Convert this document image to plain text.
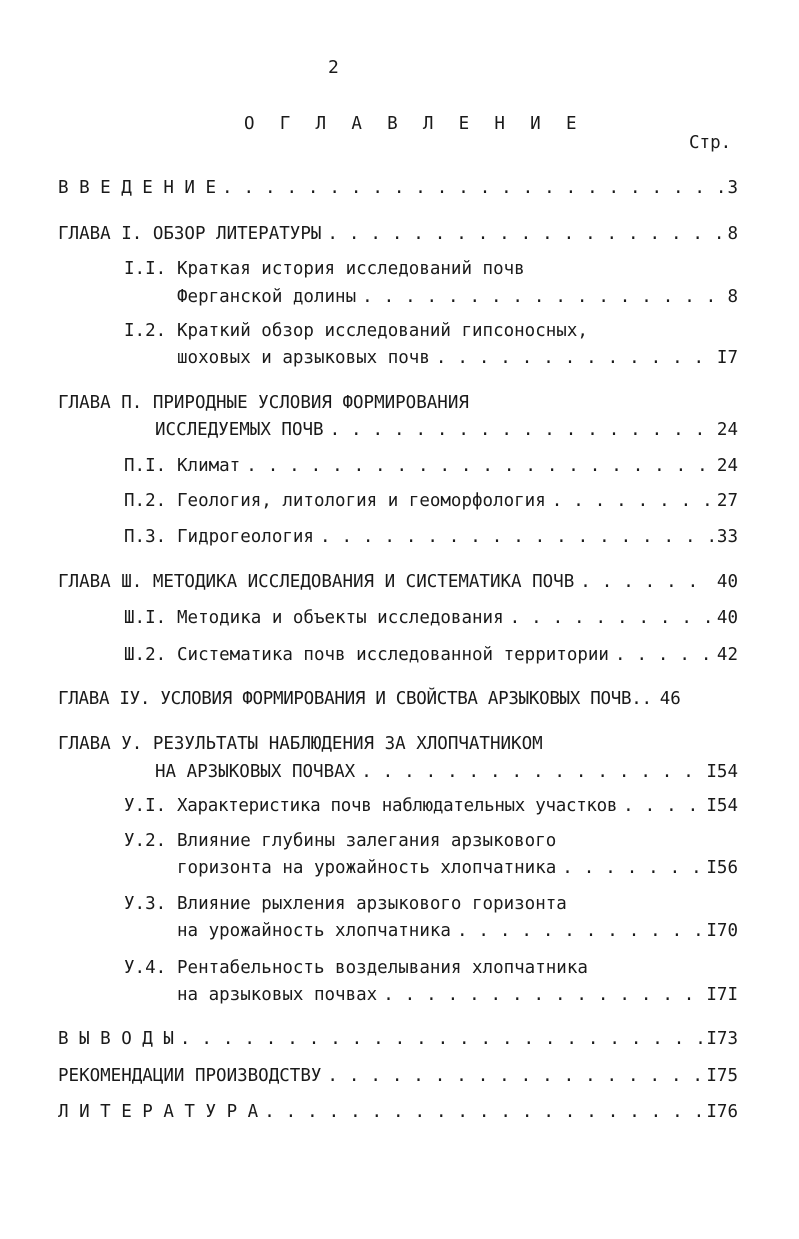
2
О Г Л А В Л Е Н И Е
Стр.
В В Е Д Е Н И Е . . .	3
ГЛАВА I. ОБЗОР ЛИТЕРАТУРЫ . . .	8
I.I. Краткая история исследований почв
Ферганской долины . . .	8
I.2. Краткий обзор исследований гипсоносных,
шоховых и арзыковых почв . . .	I7
ГЛАВА П. ПРИРОДНЫЕ УСЛОВИЯ ФОРМИРОВАНИЯ
ИССЛЕДУЕМЫХ ПОЧВ . . .	24
П.I. Климат . . .	24
П.2. Геология, литология и геоморфология . . .	27
П.3. Гидрогеология . . .	33
ГЛАВА Ш. МЕТОДИКА ИССЛЕДОВАНИЯ И СИСТЕМАТИКА ПОЧВ . . .	40
Ш.I. Методика и объекты исследования . . .	40
Ш.2. Систематика почв исследованной территории . . .	42
ГЛАВА IУ. УСЛОВИЯ ФОРМИРОВАНИЯ И СВОЙСТВА АРЗЫКОВЫХ ПОЧВ.. 46
ГЛАВА У. РЕЗУЛЬТАТЫ НАБЛЮДЕНИЯ ЗА ХЛОПЧАТНИКОМ
НА АРЗЫКОВЫХ ПОЧВАХ . . .	I54
У.I. Характеристика почв наблюдательных участков . . .	I54
У.2. Влияние глубины залегания арзыкового
горизонта на урожайность хлопчатника . . .	I56
У.3. Влияние рыхления арзыкового горизонта
на урожайность хлопчатника . . .	I70
У.4. Рентабельность возделывания хлопчатника
на арзыковых почвах . . .	I7I
В Ы В О Д Ы . . .	I73
РЕКОМЕНДАЦИИ ПРОИЗВОДСТВУ . . .	I75
Л И Т Е Р А Т У Р А . . .	I76
